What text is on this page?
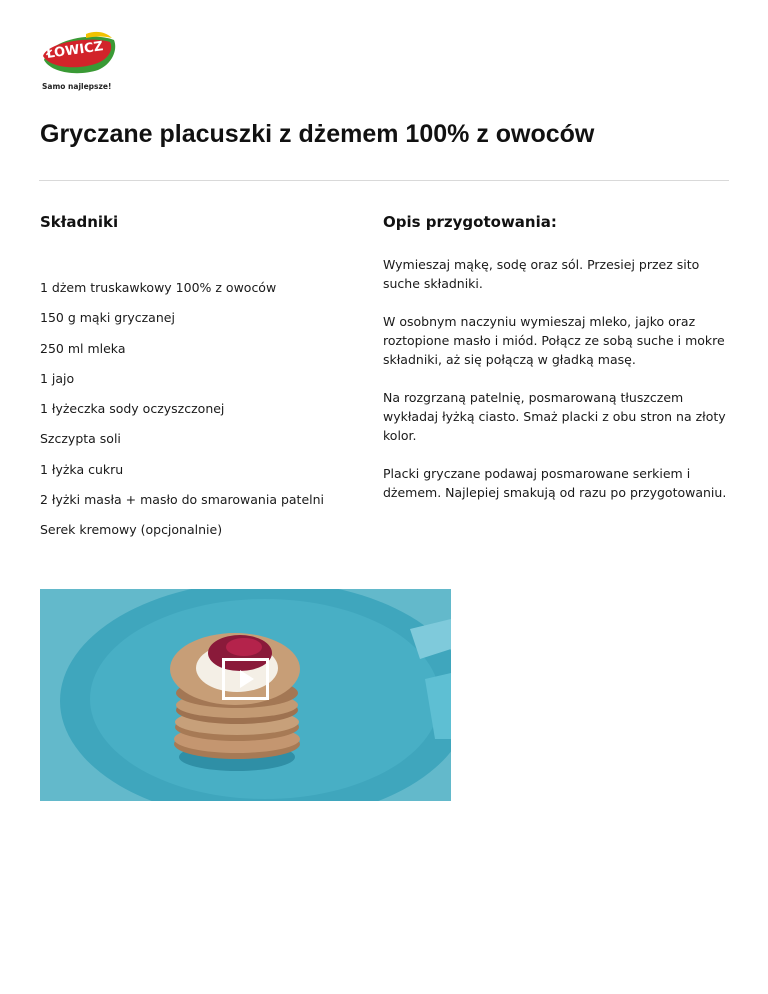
ŁOWICZ
Samo najlepsze!
Gryczane placuszki z dżemem 100% z owoców
Składniki	Opis przygotowania:
1 dżem truskawkowy 100% z owoców
150 g mąki gryczanej
250 ml mleka
1 jajo
1 łyżeczka sody oczyszczonej
Szczypta soli
1 łyżka cukru
2 łyżki masła + masło do smarowania patelni
Serek kremowy (opcjonalnie)

Wymieszaj mąkę, sodę oraz sól. Przesiej przez sito suche składniki.

W osobnym naczyniu wymieszaj mleko, jajko oraz roztopione masło i miód. Połącz ze sobą suche i mokre składniki, aż się połączą w gładką masę.

Na rozgrzaną patelnię, posmarowaną tłuszczem wykładaj łyżką ciasto. Smaż placki z obu stron na złoty kolor.

Placki gryczane podawaj posmarowane serkiem i dżemem. Najlepiej smakują od razu po przygotowaniu.
